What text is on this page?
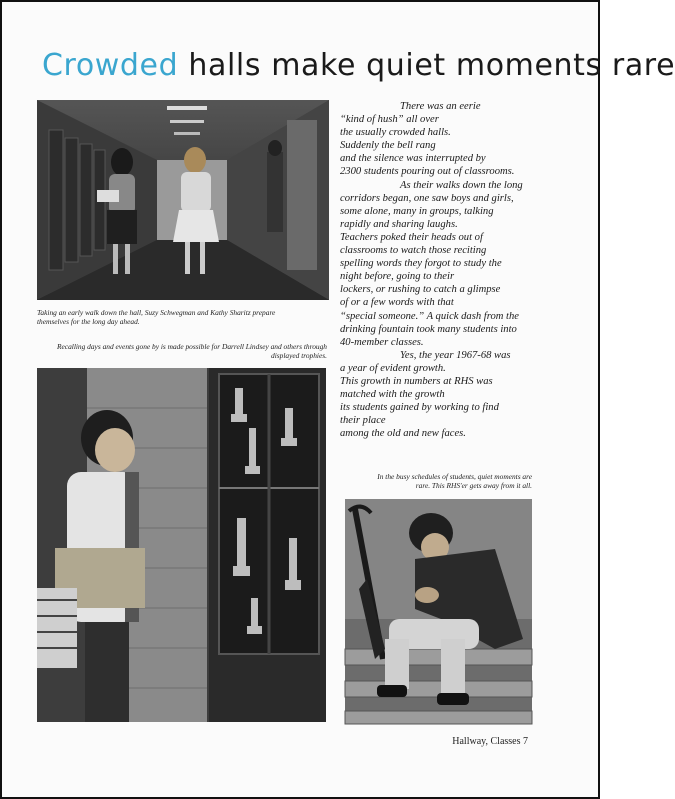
Crowded halls make quiet moments rare

Taking an early walk down the hall, Suzy Schwegman and Kathy Sharitz prepare themselves for the long day ahead.

Recalling days and events gone by is made possible for Darrell Lindsey and others through displayed trophies.

There was an eerie
“kind of hush” all over
the usually crowded halls.
Suddenly the bell rang
and the silence was interrupted by
2300 students pouring out of classrooms.
As their walks down the long
corridors began, one saw boys and girls,
some alone, many in groups, talking
rapidly and sharing laughs.
Teachers poked their heads out of
classrooms to watch those reciting
spelling words they forgot to study the
night before, going to their
lockers, or rushing to catch a glimpse
of or a few words with that
“special someone.” A quick dash from the
drinking fountain took many students into
40-member classes.
Yes, the year 1967-68 was
a year of evident growth.
This growth in numbers at RHS was
matched with the growth
its students gained by working to find
their place
among the old and new faces.

In the busy schedules of students, quiet moments are rare. This RHS'er gets away from it all.

Hallway, Classes 7
